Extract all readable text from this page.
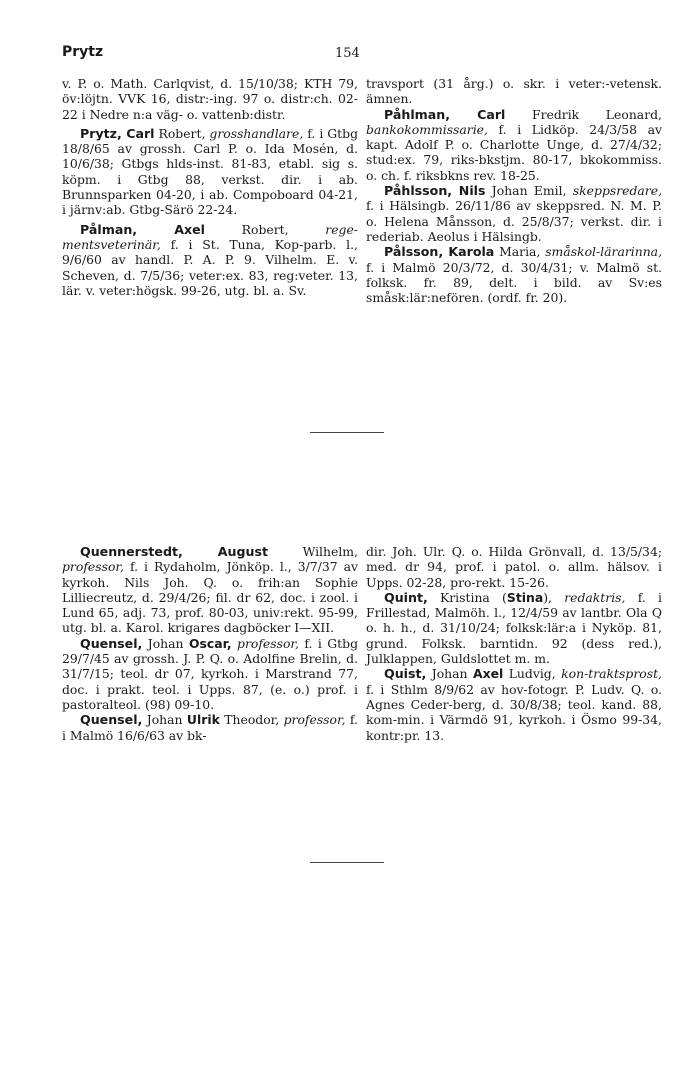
Prytz	154

v. P. o. Math. Carlqvist, d. 15/10/38; KTH 79, öv:löjtn. VVK 16, distr:-ing. 97 o. distr:ch. 02-22 i Nedre n:a väg- o. vattenb:distr.

Prytz, Carl Robert, grosshandlare, f. i Gtbg 18/8/65 av grossh. Carl P. o. Ida Mosén, d. 10/6/38; Gtbgs hlds-inst. 81-83, etabl. sig s. köpm. i Gtbg 88, verkst. dir. i ab. Brunnsparken 04-20, i ab. Compoboard 04-21, i järnv:ab. Gtbg-Särö 22-24.

Pålman, Axel Robert, rege-mentsveterinär, f. i St. Tuna, Kop-parb. l., 9/6/60 av handl. P. A. P. 9. Vilhelm. E. v. Scheven, d. 7/5/36; veter:ex. 83, reg:veter. 13, lär. v. veter:högsk. 99-26, utg. bl. a. Sv.

travsport (31 årg.) o. skr. i veter:-vetensk. ämnen.

Påhlman, Carl Fredrik Leonard, bankokommissarie, f. i Lidköp. 24/3/58 av kapt. Adolf P. o. Charlotte Unge, d. 27/4/32; stud:ex. 79, riks-bkstjm. 80-17, bkokommiss. o. ch. f. riksbkns rev. 18-25.

Påhlsson, Nils Johan Emil, skeppsredare, f. i Hälsingb. 26/11/86 av skeppsred. N. M. P. o. Helena Månsson, d. 25/8/37; verkst. dir. i rederiab. Aeolus i Hälsingb.

Pålsson, Karola Maria, småskol-lärarinna, f. i Malmö 20/3/72, d. 30/4/31; v. Malmö st. folksk. fr. 89, delt. i bild. av Sv:es småsk:lär:nefören. (ordf. fr. 20).

Quennerstedt, August Wilhelm, professor, f. i Rydaholm, Jönköp. l., 3/7/37 av kyrkoh. Nils Joh. Q. o. frih:an Sophie Lilliecreutz, d. 29/4/26; fil. dr 62, doc. i zool. i Lund 65, adj. 73, prof. 80-03, univ:rekt. 95-99, utg. bl. a. Karol. krigares dagböcker I—XII.

Quensel, Johan Oscar, professor, f. i Gtbg 29/7/45 av grossh. J. P. Q. o. Adolfine Brelin, d. 31/7/15; teol. dr 07, kyrkoh. i Marstrand 77, doc. i prakt. teol. i Upps. 87, (e. o.) prof. i pastoralteol. (98) 09-10.

Quensel, Johan Ulrik Theodor, professor, f. i Malmö 16/6/63 av bk-

dir. Joh. Ulr. Q. o. Hilda Grönvall, d. 13/5/34; med. dr 94, prof. i patol. o. allm. hälsov. i Upps. 02-28, pro-rekt. 15-26.

Quint, Kristina (Stina), redaktris, f. i Frillestad, Malmöh. l., 12/4/59 av lantbr. Ola Q o. h. h., d. 31/10/24; folksk:lär:a i Nyköp. 81, grund. Folksk. barntidn. 92 (dess red.), Julklappen, Guldslottet m. m.

Quist, Johan Axel Ludvig, kon-traktsprost, f. i Sthlm 8/9/62 av hov-fotogr. P. Ludv. Q. o. Agnes Ceder-berg, d. 30/8/38; teol. kand. 88, kom-min. i Värmdö 91, kyrkoh. i Ösmo 99-34, kontr:pr. 13.
